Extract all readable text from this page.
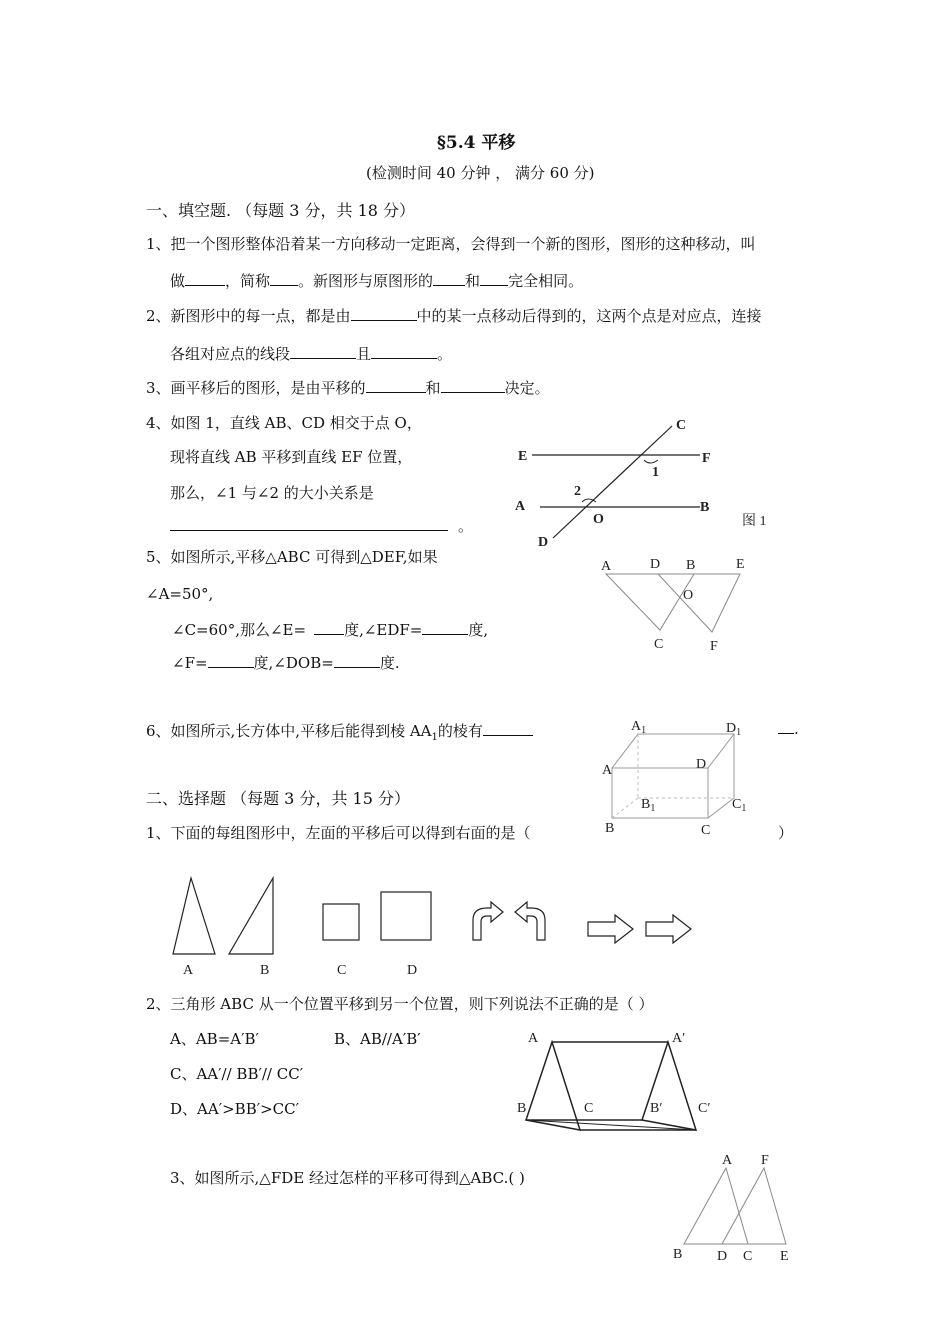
§5.4 平移
(检测时间 40 分钟 ， 满分 60 分)
一、填空题. （每题 3 分，共 18 分）
1、把一个图形整体沿着某一方向移动一定距离，会得到一个新的图形，图形的这种移动，叫
做	，简称 。新图形与原图形的 和 完全相同。
2、新图形中的每一点，都是由	中的某一点移动后得到的，这两个点是对应点，连接
各组对应点的线段	且	。
3、画平移后的图形，是由平移的	和	决定。
4、如图 1，直线 AB、CD 相交于点 O，
现将直线 AB 平移到直线 EF 位置，
那么，∠1 与∠2 的大小关系是
。
5、如图所示,平移△ABC 可得到△DEF,如果
∠A=50°,
∠C=60°,那么∠E=	度,∠EDF=	度,
∠F=	度,∠DOB=	度.
6、如图所示,长方体中,平移后能得到棱 $AA_1$的棱有	.
二、选择题 （每题 3 分，共 15 分）
1、下面的每组图形中，左面的平移后可以得到右面的是（	）
2、三角形 ABC 从一个位置平移到另一个位置，则下列说法不正确的是（ ）
A、AB=A′B′	B、AB//A′B′
C、AA′// BB′// CC′
D、AA′>BB′>CC′
3、如图所示,△FDE 经过怎样的平移可得到△ABC.( )
C
E	F
1
2
A	B
O
D
图 1
A	D B	E
O
C	F
$A_1$	$D_1$
A	D
$B_1$	$C_1$
B	C
A	B	C	D
A	A′
B	C	B′	C′
A F
B D C E
